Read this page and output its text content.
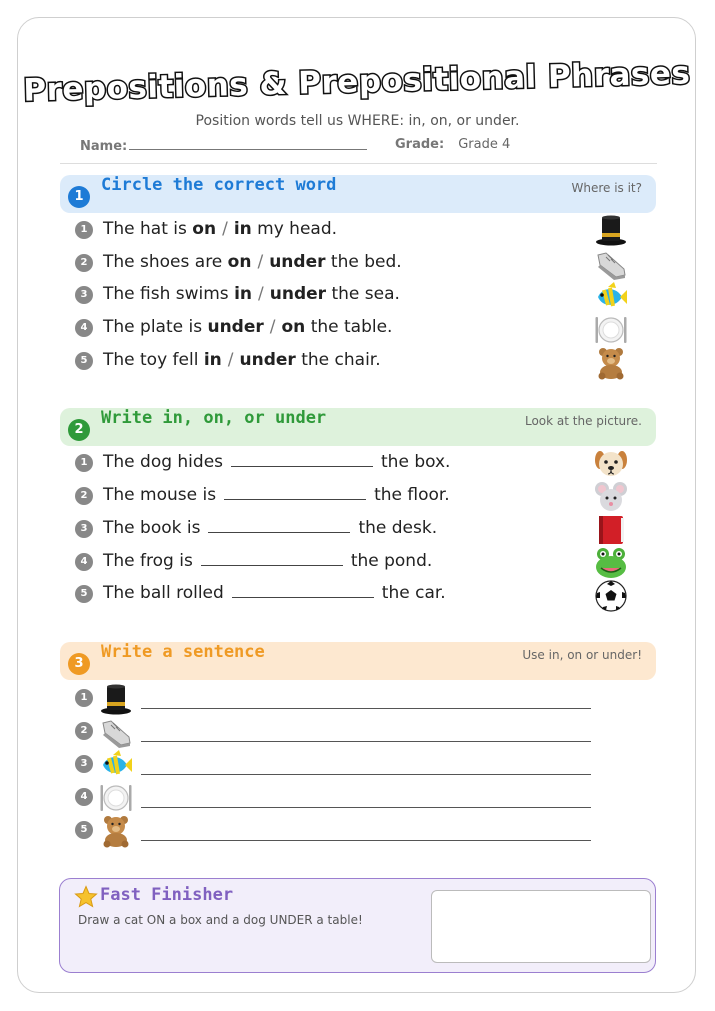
Prepositions & Prepositional Phrases
Position words tell us WHERE: in, on, or under.
Name:	Grade: Grade 4
1
Circle the correct word	Where is it?
1 The hat is on / in my head.
2 The shoes are on / under the bed.
3 The fish swims in / under the sea.
4 The plate is under / on the table.
5 The toy fell in / under the chair.
2
Write in, on, or under	Look at the picture.
1 The dog hides	the box.
2 The mouse is	the floor.
3 The book is	the desk.
4 The frog is	the pond.
5 The ball rolled	the car.
3
Write a sentence	Use in, on or under!
1
2
3
4
5
Fast Finisher
Draw a cat ON a box and a dog UNDER a table!
